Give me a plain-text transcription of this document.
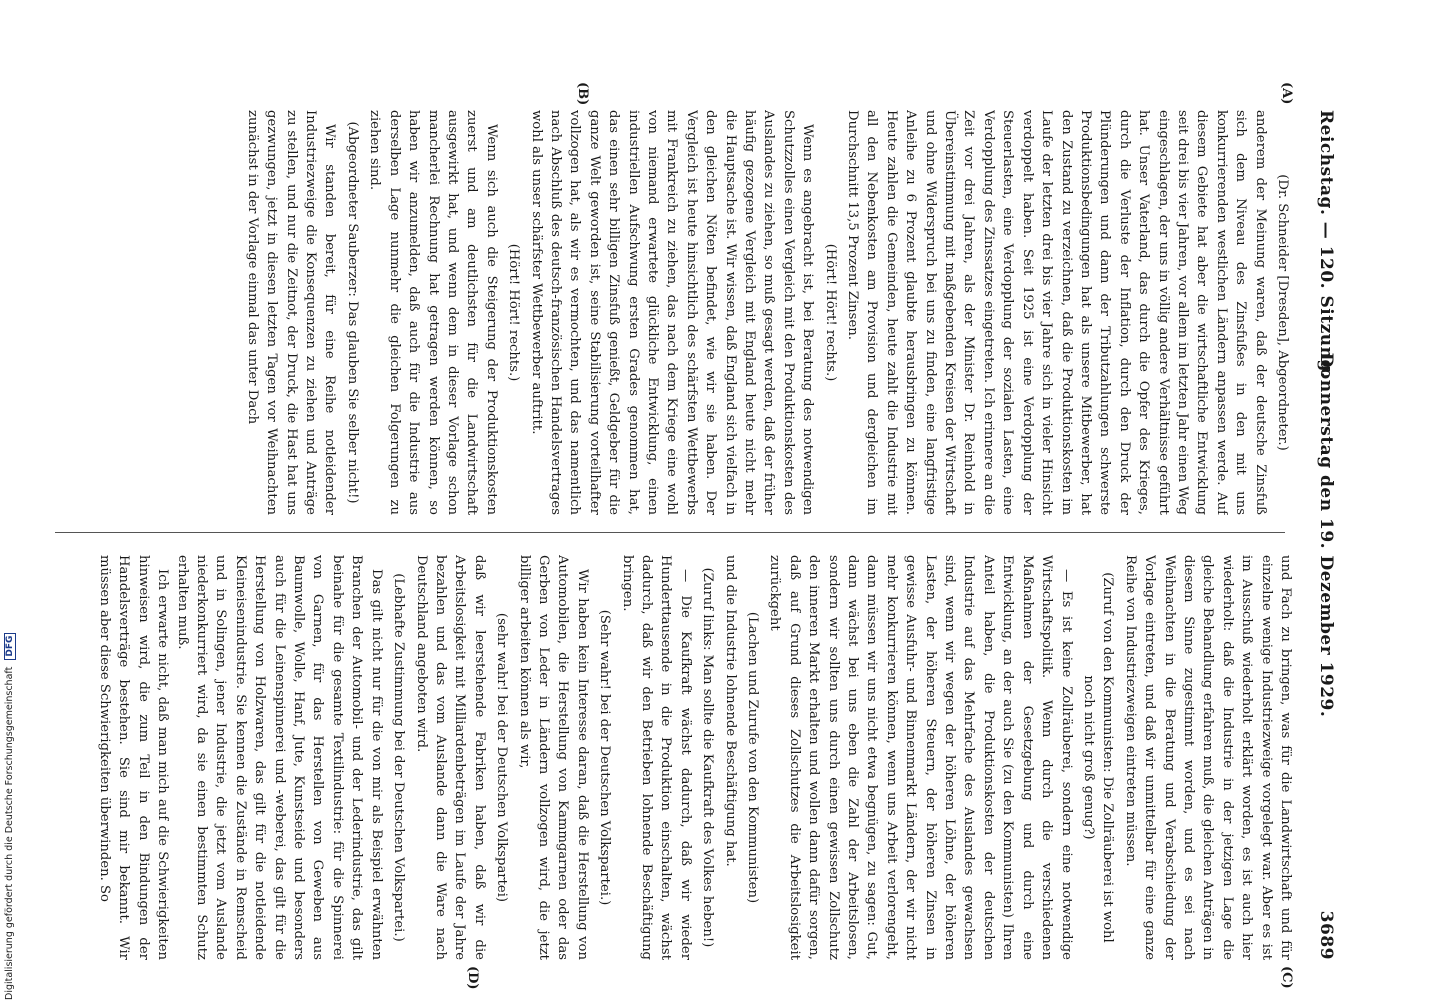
Reichstag. — 120. Sitzung.
Donnerstag den 19. Dezember 1929.
3689
(A)
(B)
(C)
(D)

(Dr. Schneider [Dresden], Abgeordneter.)

anderem der Meinung waren, daß der deutsche Zinsfuß sich dem Niveau des Zinsfußes in den mit uns konkurrierenden westlichen Ländern anpassen werde. Auf diesem Gebiete hat aber die wirtschaftliche Entwicklung seit drei bis vier Jahren, vor allem im letzten Jahr einen Weg eingeschlagen, der uns in völlig andere Verhältnisse geführt hat. Unser Vaterland, das durch die Opfer des Krieges, durch die Verluste der Inflation, durch den Druck der Plünderungen und dann der Tributzahlungen schwerste Produktionsbedingungen hat als unsere Mitbewerber, hat den Zustand zu verzeichnen, daß die Produktionskosten im Laufe der letzten drei bis vier Jahre sich in vieler Hinsicht verdoppelt haben. Seit 1925 ist eine Verdopplung der Steuerlasten, eine Verdopplung der sozialen Lasten, eine Verdopplung des Zinssatzes eingetreten. Ich erinnere an die Zeit vor drei Jahren, als der Minister Dr. Reinhold in Übereinstimmung mit maßgebenden Kreisen der Wirtschaft und ohne Widerspruch bei uns zu finden, eine langfristige Anleihe zu 6 Prozent glaubte herausbringen zu können. Heute zahlen die Gemeinden, heute zahlt die Industrie mit all den Nebenkosten am Provision und dergleichen im Durchschnitt 13,5 Prozent Zinsen.

(Hört! Hört! rechts.)

Wenn es angebracht ist, bei Beratung des notwendigen Schutzzolles einen Vergleich mit den Produktionskosten des Auslandes zu ziehen, so muß gesagt werden, daß der früher häufig gezogene Vergleich mit England heute nicht mehr die Hauptsache ist. Wir wissen, daß England sich vielfach in den gleichen Nöten befindet, wie wir sie haben. Der Vergleich ist heute hinsichtlich des schärfsten Wettbewerbs mit Frankreich zu ziehen, das nach dem Kriege eine wohl von niemand erwartete glückliche Entwicklung, einen industriellen Aufschwung ersten Grades genommen hat, das einen sehr billigen Zinsfuß genießt, Geldgeber für die ganze Welt geworden ist, seine Stabilisierung vorteilhafter vollzogen hat, als wir es vermochten, und das namentlich nach Abschluß des deutsch-französischen Handelsvertrages wohl als unser schärfster Wettbewerber auftritt.

(Hört! Hört! rechts.)

Wenn sich auch die Steigerung der Produktionskosten zuerst und am deutlichsten für die Landwirtschaft ausgewirkt hat, und wenn dem in dieser Vorlage schon mancherlei Rechnung hat getragen werden können, so haben wir anzumelden, daß auch für die Industrie aus derselben Lage nunmehr die gleichen Folgerungen zu ziehen sind.

(Abgeordneter Sauberzer: Das glauben Sie selber nicht!)

Wir standen bereit, für eine Reihe notleidender Industriezweige die Konsequenzen zu ziehen und Anträge zu stellen, und nur die Zeitnot, der Druck, die Hast hat uns gezwungen, jetzt in diesen letzten Tagen vor Weihnachten zunächst in der Vorlage einmal das unter Dach

und Fach zu bringen, was für die Landwirtschaft und für einzelne wenige Industriezweige vorgelegt war. Aber es ist im Ausschuß wiederholt erklärt worden, es ist auch hier wiederholt: daß die Industrie in der jetzigen Lage die gleiche Behandlung erfahren muß, die gleichen Anträgen in diesem Sinne zugestimmt worden, und es sei nach Weihnachten in die Beratung und Verabschiedung der Vorlage eintreten, und daß wir unmittelbar für eine ganze Reihe von Industriezweigen eintreten müssen.

(Zuruf von den Kommunisten: Die Zollräuberei ist wohl noch nicht groß genug?)

— Es ist keine Zollräuberei, sondern eine notwendige Wirtschaftspolitik. Wenn durch die verschiedenen Maßnahmen der Gesetzgebung und durch eine Entwicklung, an der auch Sie (zu den Kommunisten) Ihren Anteil haben, die Produktionskosten der deutschen Industrie auf das Mehrfache des Auslandes gewachsen sind, wenn wir wegen der höheren Löhne, der höheren Lasten, der höheren Steuern, der höheren Zinsen in gewisse Ausfuhr- und Binnenmarkt Ländern, der wir nicht mehr konkurrieren können, wenn uns Arbeit verlorengeht, dann müssen wir uns nicht etwa begnügen, zu sagen: Gut, dann wächst bei uns eben die Zahl der Arbeitslosen, sondern wir sollten uns durch einen gewissen Zollschutz den inneren Markt erhalten und wollen dann dafür sorgen, daß auf Grund dieses Zollschutzes die Arbeitslosigkeit zurückgeht

(Lachen und Zurufe von den Kommunisten)

und die Industrie lohnende Beschäftigung hat.

(Zuruf links: Man sollte die Kaufkraft des Volkes heben!)

— Die Kaufkraft wächst dadurch, daß wir wieder Hunderttausende in die Produktion einschalten, wächst dadurch, daß wir den Betrieben lohnende Beschäftigung bringen.

(Sehr wahr! bei der Deutschen Volkspartei.)

Wir haben kein Interesse daran, daß die Herstellung von Automobilen, die Herstellung von Kammgarnen oder das Gerben von Leder in Ländern vollzogen wird, die jetzt billiger arbeiten können als wir,

(sehr wahr! bei der Deutschen Volkspartei)

daß wir leerstehende Fabriken haben, daß wir die Arbeitslosigkeit mit Milliardenbeträgen im Laufe der Jahre bezahlen und das vom Auslande dann die Ware nach Deutschland angeboten wird.

(Lebhafte Zustimmung bei der Deutschen Volkspartei.)

Das gilt nicht nur für die von mir als Beispiel erwähnten Branchen der Automobil- und der Lederindustrie, das gilt beinahe für die gesamte Textilindustrie: für die Spinnerei von Garnen, für das Herstellen von Geweben aus Baumwolle, Wolle, Hanf, Jute, Kunstseide und besonders auch für die Leinenspinnerei und -weberei, das gilt für die Herstellung von Holzwaren, das gilt für die notleidende Kleineisenindustrie. Sie kennen die Zustände in Remscheid und in Solingen, jener Industrie, die jetzt vom Auslande niederkonkurriert wird, da sie einen bestimmten Schutz erhalten muß.

Ich erwarte nicht, daß man mich auf die Schwierigkeiten hinweisen wird, die zum Teil in den Bindungen der Handelsverträge bestehen. Sie sind mir bekannt. Wir müssen aber diese Schwierigkeiten überwinden. So

Digitalisierung gefördert durch die Deutsche Forschungsgemeinschaft DFG
